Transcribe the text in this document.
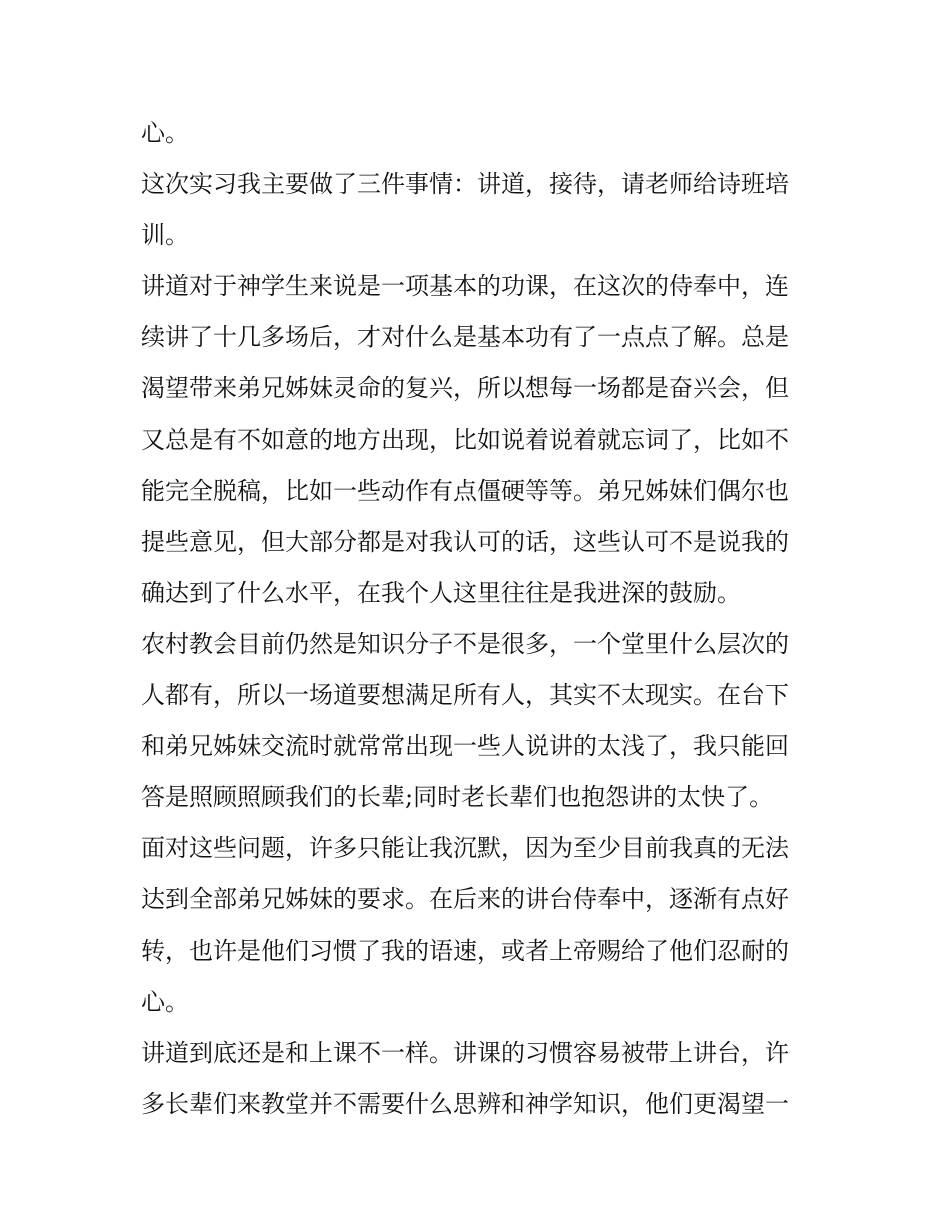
心。
这次实习我主要做了三件事情：讲道，接待，请老师给诗班培
训。
讲道对于神学生来说是一项基本的功课，在这次的侍奉中，连
续讲了十几多场后，才对什么是基本功有了一点点了解。总是
渴望带来弟兄姊妹灵命的复兴，所以想每一场都是奋兴会，但
又总是有不如意的地方出现，比如说着说着就忘词了，比如不
能完全脱稿，比如一些动作有点僵硬等等。弟兄姊妹们偶尔也
提些意见，但大部分都是对我认可的话，这些认可不是说我的
确达到了什么水平，在我个人这里往往是我进深的鼓励。
农村教会目前仍然是知识分子不是很多，一个堂里什么层次的
人都有，所以一场道要想满足所有人，其实不太现实。在台下
和弟兄姊妹交流时就常常出现一些人说讲的太浅了，我只能回
答是照顾照顾我们的长辈;同时老长辈们也抱怨讲的太快了。
面对这些问题，许多只能让我沉默，因为至少目前我真的无法
达到全部弟兄姊妹的要求。在后来的讲台侍奉中，逐渐有点好
转，也许是他们习惯了我的语速，或者上帝赐给了他们忍耐的
心。
讲道到底还是和上课不一样。讲课的习惯容易被带上讲台，许
多长辈们来教堂并不需要什么思辨和神学知识，他们更渴望一
